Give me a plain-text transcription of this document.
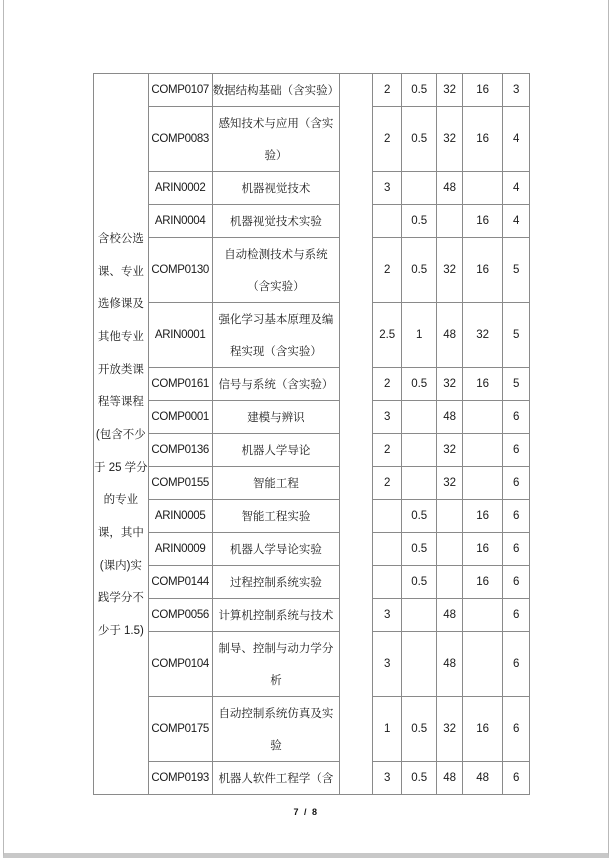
含校公选
课、专业
选修课及
其他专业
开放类课
程等课程
(包含不少
于 25 学分
的专业
课，其中
(课内)实
践学分不
少于 1.5)
	COMP0107	数据结构基础（含实验）		2	0.5	32	16	3
	COMP0083	感知技术与应用（含实
验）		2	0.5	32	16	4
	ARIN0002	机器视觉技术		3		48		4
	ARIN0004	机器视觉技术实验			0.5		16	4
	COMP0130	自动检测技术与系统
（含实验）		2	0.5	32	16	5
	ARIN0001	强化学习基本原理及编
程实现（含实验）		2.5	1	48	32	5
	COMP0161	信号与系统（含实验）		2	0.5	32	16	5
	COMP0001	建模与辨识		3		48		6
	COMP0136	机器人学导论		2		32		6
	COMP0155	智能工程		2		32		6
	ARIN0005	智能工程实验			0.5		16	6
	ARIN0009	机器人学导论实验			0.5		16	6
	COMP0144	过程控制系统实验			0.5		16	6
	COMP0056	计算机控制系统与技术		3		48		6
	COMP0104	制导、控制与动力学分
析		3		48		6
	COMP0175	自动控制系统仿真及实
验		1	0.5	32	16	6
	COMP0193	机器人软件工程学（含		3	0.5	48	48	6
7 / 8
